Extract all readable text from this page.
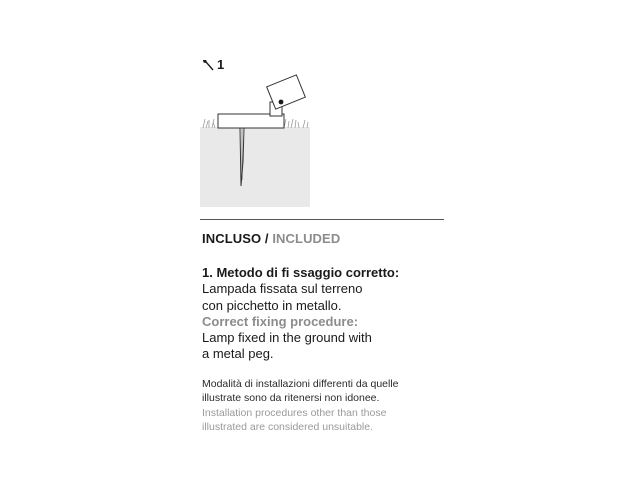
1
INCLUSO / INCLUDED
1. Metodo di fi ssaggio corretto:
Lampada fissata sul terreno
con picchetto in metallo.
Correct fixing procedure:
Lamp fixed in the ground with
a metal peg.
Modalità di installazioni differenti da quelle
illustrate sono da ritenersi non idonee.
Installation procedures other than those
illustrated are considered unsuitable.
